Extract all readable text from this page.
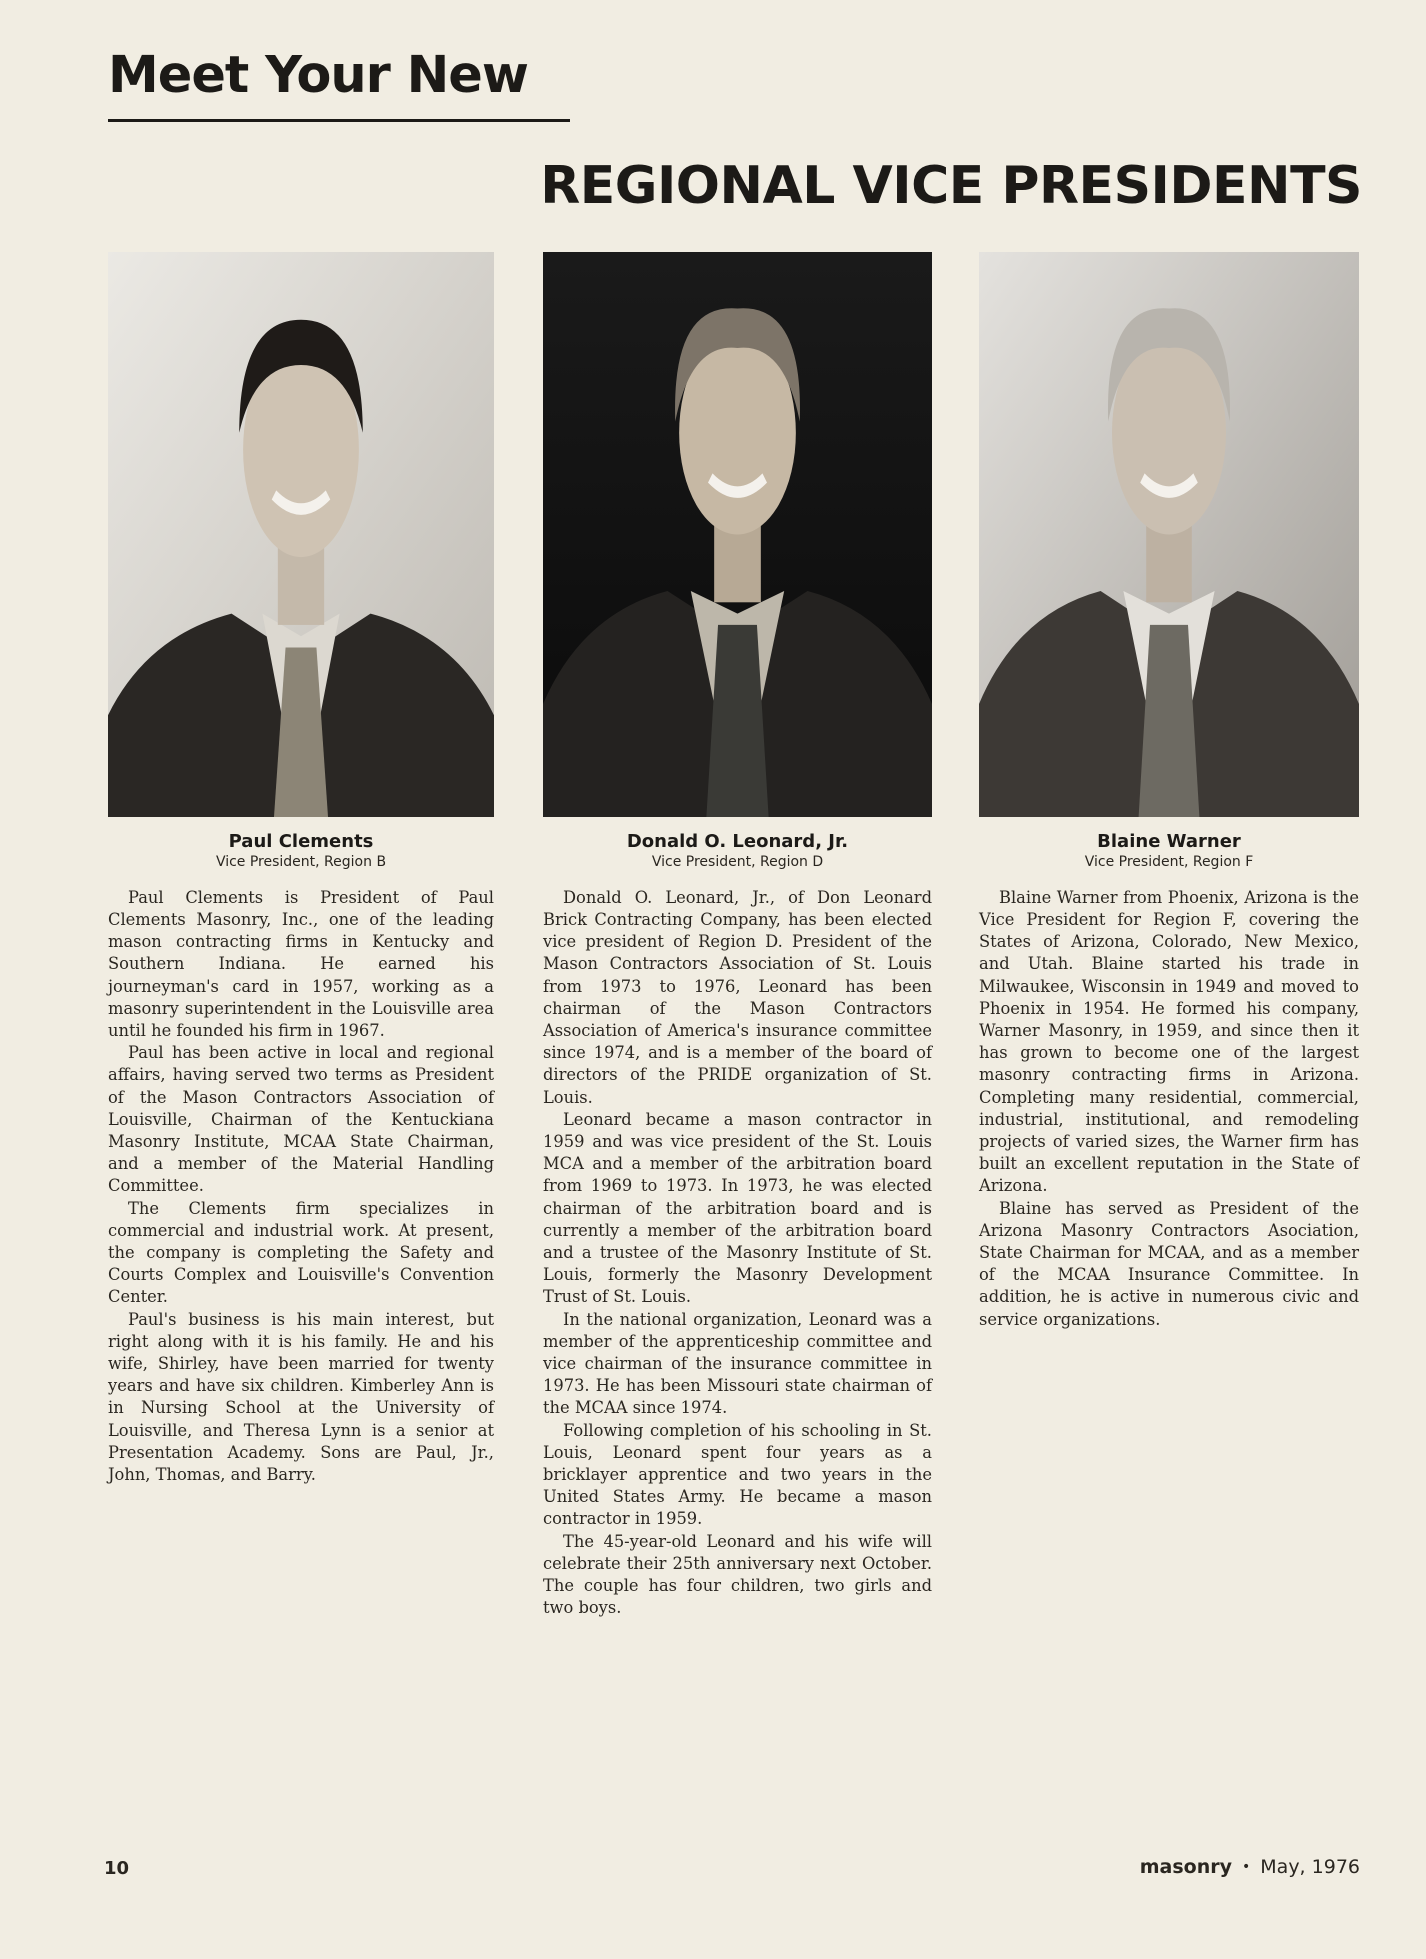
Meet Your New
REGIONAL VICE PRESIDENTS
Paul Clements
Vice President, Region B

Paul Clements is President of Paul Clements Masonry, Inc., one of the leading mason contracting firms in Kentucky and Southern Indiana. He earned his journeyman's card in 1957, working as a masonry superintendent in the Louisville area until he founded his firm in 1967.

Paul has been active in local and regional affairs, having served two terms as President of the Mason Contractors Association of Louisville, Chairman of the Kentuckiana Masonry Institute, MCAA State Chairman, and a member of the Material Handling Committee.

The Clements firm specializes in commercial and industrial work. At present, the company is completing the Safety and Courts Complex and Louisville's Convention Center.

Paul's business is his main interest, but right along with it is his family. He and his wife, Shirley, have been married for twenty years and have six children. Kimberley Ann is in Nursing School at the University of Louisville, and Theresa Lynn is a senior at Presentation Academy. Sons are Paul, Jr., John, Thomas, and Barry.

Donald O. Leonard, Jr.
Vice President, Region D

Donald O. Leonard, Jr., of Don Leonard Brick Contracting Company, has been elected vice president of Region D. President of the Mason Contractors Association of St. Louis from 1973 to 1976, Leonard has been chairman of the Mason Contractors Association of America's insurance committee since 1974, and is a member of the board of directors of the PRIDE organization of St. Louis.

Leonard became a mason contractor in 1959 and was vice president of the St. Louis MCA and a member of the arbitration board from 1969 to 1973. In 1973, he was elected chairman of the arbitration board and is currently a member of the arbitration board and a trustee of the Masonry Institute of St. Louis, formerly the Masonry Development Trust of St. Louis.

In the national organization, Leonard was a member of the apprenticeship committee and vice chairman of the insurance committee in 1973. He has been Missouri state chairman of the MCAA since 1974.

Following completion of his schooling in St. Louis, Leonard spent four years as a bricklayer apprentice and two years in the United States Army. He became a mason contractor in 1959.

The 45-year-old Leonard and his wife will celebrate their 25th anniversary next October. The couple has four children, two girls and two boys.

Blaine Warner
Vice President, Region F

Blaine Warner from Phoenix, Arizona is the Vice President for Region F, covering the States of Arizona, Colorado, New Mexico, and Utah. Blaine started his trade in Milwaukee, Wisconsin in 1949 and moved to Phoenix in 1954. He formed his company, Warner Masonry, in 1959, and since then it has grown to become one of the largest masonry contracting firms in Arizona. Completing many residential, commercial, industrial, institutional, and remodeling projects of varied sizes, the Warner firm has built an excellent reputation in the State of Arizona.

Blaine has served as President of the Arizona Masonry Contractors Asociation, State Chairman for MCAA, and as a member of the MCAA Insurance Committee. In addition, he is active in numerous civic and service organizations.

10	masonry • May, 1976
